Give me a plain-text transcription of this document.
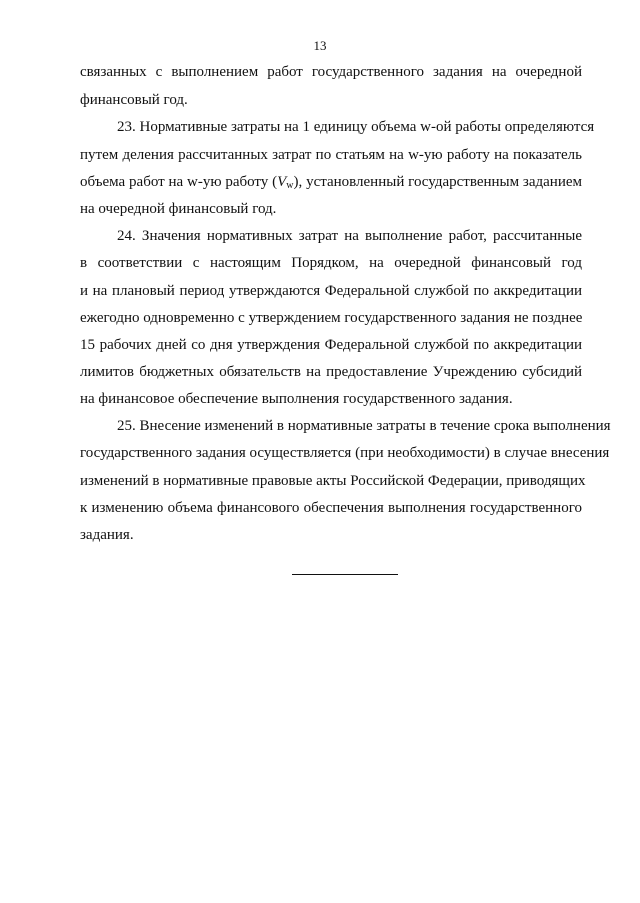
13
связанных с выполнением работ государственного задания на очередной
финансовый год.
23. Нормативные затраты на 1 единицу объема w-ой работы определяются
путем деления рассчитанных затрат по статьям на w-ую работу на показатель
объема работ на w-ую работу $(V_w)$, установленный государственным заданием
на очередной финансовый год.
24. Значения нормативных затрат на выполнение работ, рассчитанные
в соответствии с настоящим Порядком, на очередной финансовый год
и на плановый период утверждаются Федеральной службой по аккредитации
ежегодно одновременно с утверждением государственного задания не позднее
15 рабочих дней со дня утверждения Федеральной службой по аккредитации
лимитов бюджетных обязательств на предоставление Учреждению субсидий
на финансовое обеспечение выполнения государственного задания.
25. Внесение изменений в нормативные затраты в течение срока выполнения
государственного задания осуществляется (при необходимости) в случае внесения
изменений в нормативные правовые акты Российской Федерации, приводящих
к изменению объема финансового обеспечения выполнения государственного
задания.
